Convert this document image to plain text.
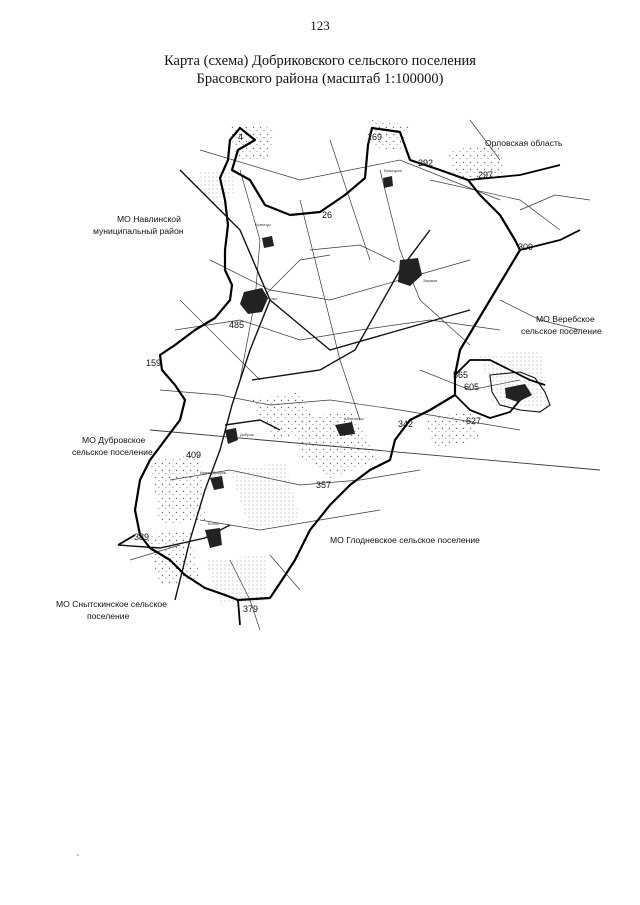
123
Карта (схема) Добриковского сельского поселения
Брасовского района (масштаб 1:100000)
Кретово
Зарима
Добрик
Новая Добрик
Калитинка
Колос
Бежецкое
Кузнецы
4	169
292
297
26
309
485
159
565
605
627
342
409
357
389
379
Орловская область
МО Навлинской
муниципальный район
МО Веребское
сельское поселение
МО Дубровское
сельское поселение
МО Глодневское сельское поселение
МО Снытскинское сельское
поселение
